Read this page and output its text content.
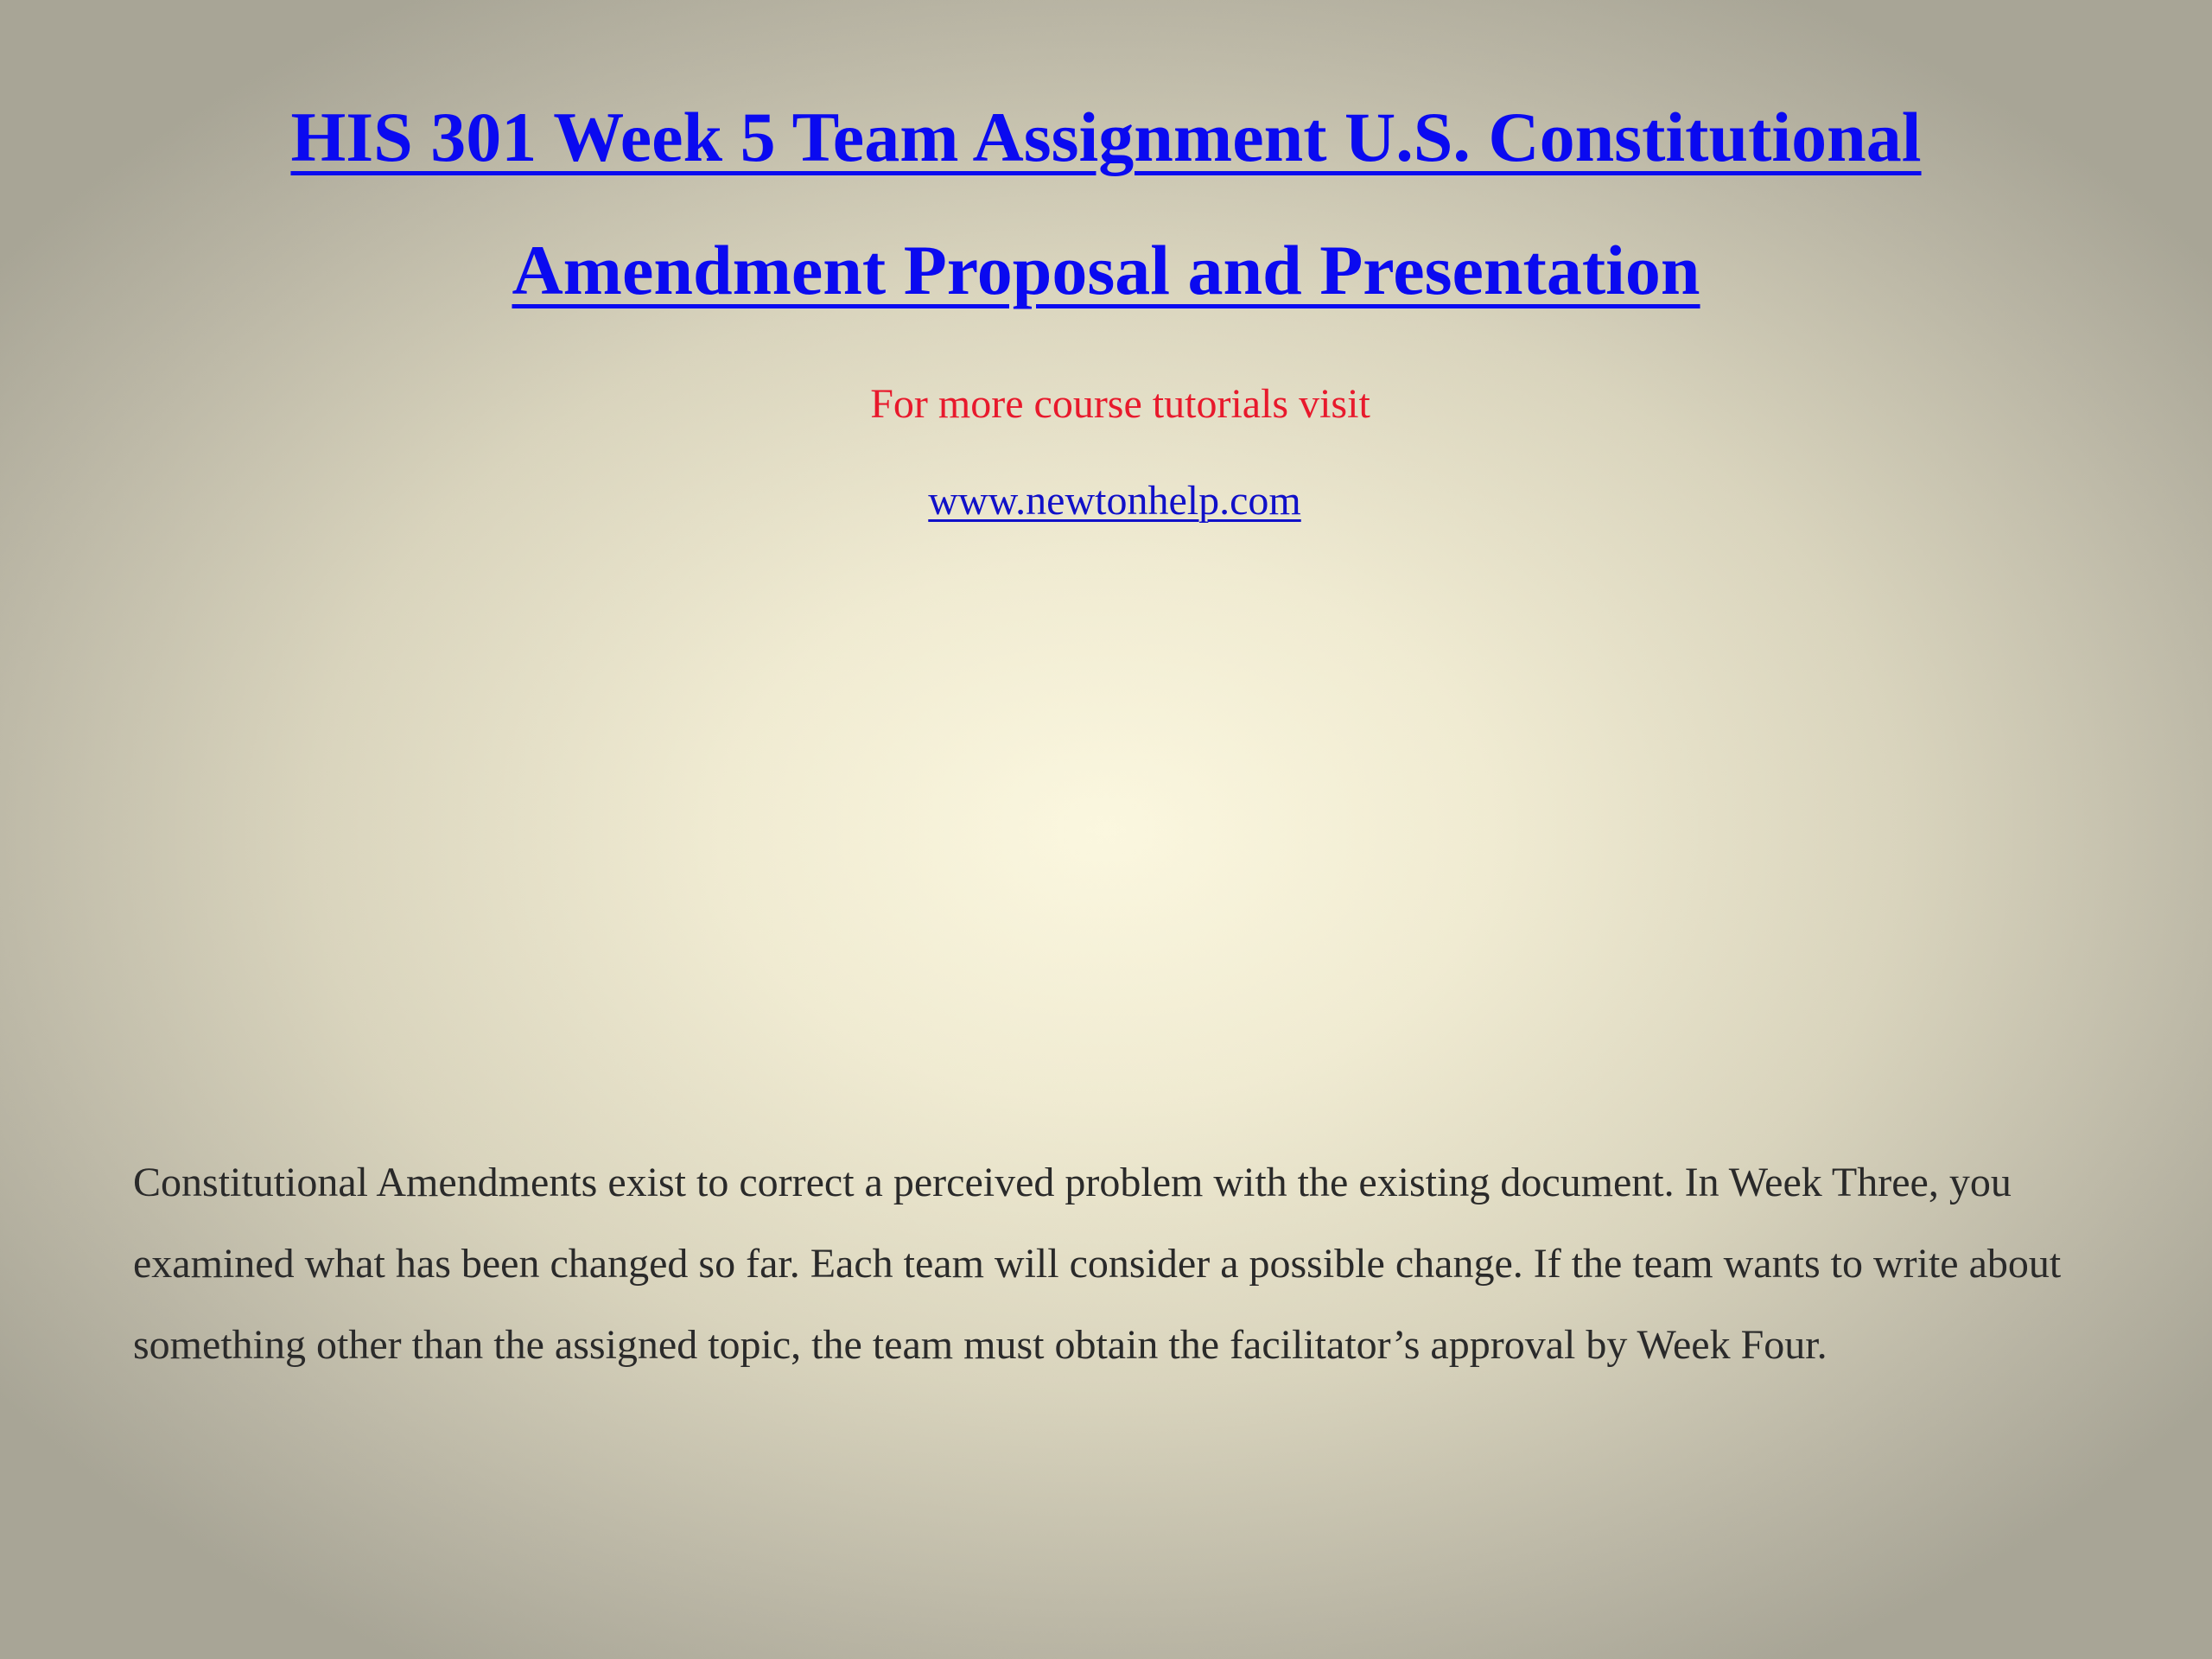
HIS 301 Week 5 Team Assignment U.S. Constitutional Amendment Proposal and Presentation

For more course tutorials visit

www.newtonhelp.com

Constitutional Amendments exist to correct a perceived problem with the existing document. In Week Three, you examined what has been changed so far. Each team will consider a possible change. If the team wants to write about something other than the assigned topic, the team must obtain the facilitator’s approval by Week Four.
